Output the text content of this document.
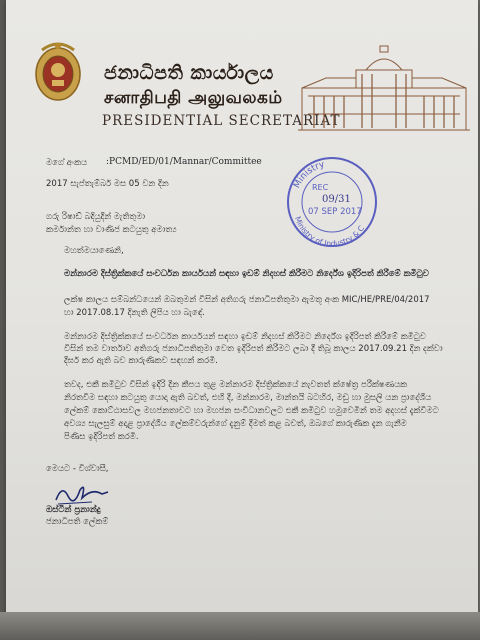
ජනාධිපති කාර්යාලය
சனாதிபதி அலுவலகம்
PRESIDENTIAL SECRETARIAT
මගේ අංකය :PCMD/ED/01/Mannar/Committee
2017 සැප්තැම්බර් මස 05 වන දින
ගරු රිෂාඩ් බදියුදීන් මැතිතුමා
කර්මාන්ත හා වාණිජ කටයුතු අමාත්‍ය
මහත්මයාණෙනි,
මන්නාරම දිස්ත්‍රික්කයේ සංවර්ධන කාර්යයන් සඳහා ඉඩම් නිදහස් කිරීමට නිර්දේශ ඉදිරිපත් කිරීමේ කමිටුව
ලක්ෂ කාලය සම්බන්ධයෙන් ඔබතුමන් විසින් අතිගරු ජනාධිපතිතුමා ඇමතූ අංක MIC/HE/PRE/04/2017
හා 2017.08.17 දිනැති ලිපිය හා බැඳේ.
මන්නාරම දිස්ත්‍රික්කයේ සංවර්ධන කාර්යයන් සඳහා ඉඩම් නිදහස් කිරීමට නිර්දේශ ඉදිරිපත් කිරීමේ කමිටුව
විසින් තම වාර්තාව අතිගරු ජනාධිපතිතුමා වෙත ඉදිරිපත් කිරීමට ලබා දී තිබූ කාලය 2017.09.21 දින දක්වා
දීර්ඝ කර ඇති බව කාරුණිකව සඳහන් කරමි.
තවද, එකී කමිටුව විසින් ඉදිරි දින කීපය තුළ මන්නාරම දිස්ත්‍රික්කයේ නැවතත් ක්ෂේත්‍ර පරීක්ෂණයක
නිරතවීම සඳහා කටයුතු යොදා ඇති බවත්, එහි දී, මන්නාරම, මාන්තයි බටහිර, මඩු හා මුසලි යන ප්‍රාදේශීය
ලේකම් කොට්ඨාසවල මහජනතාවට හා මහජන සංවිධානවලට එකී කමිටුව හමුවෙමින් තම අදහස් දැක්වීමට
අවශ්‍ය සැලසුම් අදාළ ප්‍රාදේශීය ලේකම්වරුන්ගේ දැනුම් දීමත් කළ බවත්, ඔබගේ කාරුණික දැන ගැනීම
පිණිස ඉදිරිපත් කරමි.
මෙයට - විශ්වාසී,
ඔස්ටින් ප්‍රනාන්දු
ජනාධිපති ලේකම්
Ministry
REC
09/31
07 SEP 2017
Ministry of Industry & C
